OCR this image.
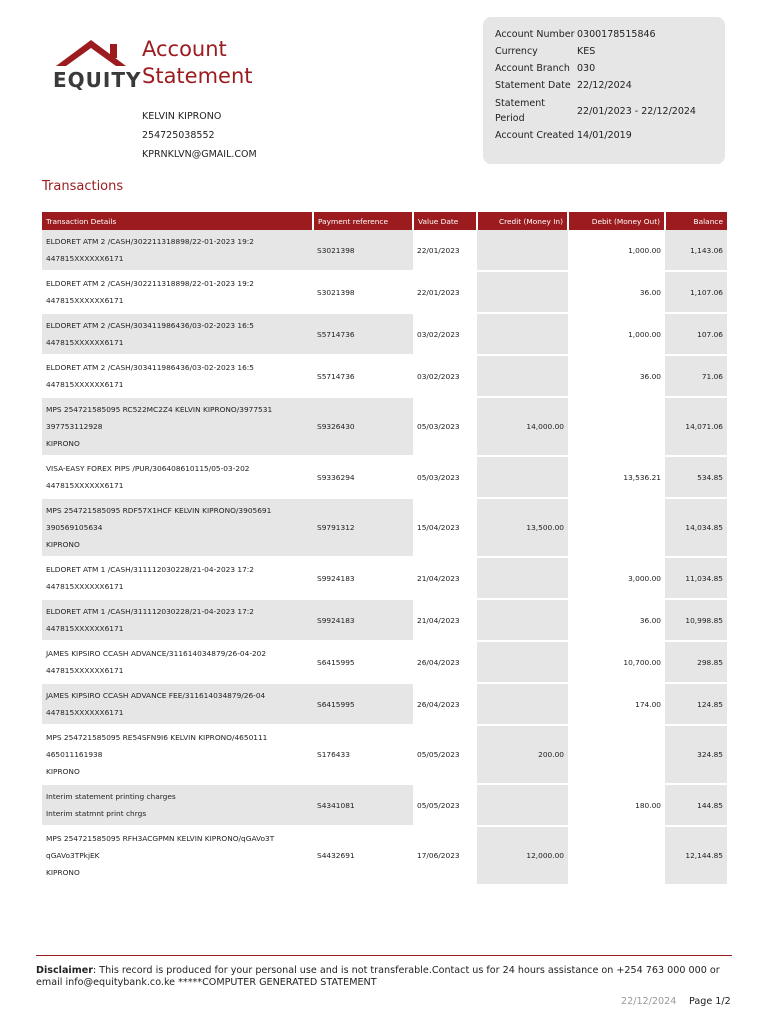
EQUITY
Account
Statement
KELVIN KIPRONO
254725038552
KPRNKLVN@GMAIL.COM
Account Number 0300178515846
Currency	KES
Account Branch 030
Statement Date 22/12/2024
Statement Period
22/01/2023 - 22/12/2024
Account Created 14/01/2019
Transactions
Transaction Details	Payment reference	Value Date	Credit (Money In)	Debit (Money Out)	Balance

ELDORET ATM 2 /CASH/302211318898/22-01-2023 19:2
447815XXXXXX6171	S3021398	22/01/2023		1,000.00	1,143.06

ELDORET ATM 2 /CASH/302211318898/22-01-2023 19:2
447815XXXXXX6171	S3021398	22/01/2023		36.00	1,107.06

ELDORET ATM 2 /CASH/303411986436/03-02-2023 16:5
447815XXXXXX6171	S5714736	03/02/2023		1,000.00	107.06

ELDORET ATM 2 /CASH/303411986436/03-02-2023 16:5
447815XXXXXX6171	S5714736	03/02/2023		36.00	71.06

MPS 254721585095 RC522MC2Z4 KELVIN KIPRONO/3977531
397753112928
KIPRONO	S9326430	05/03/2023	14,000.00		14,071.06

VISA-EASY FOREX PIPS /PUR/306408610115/05-03-202
447815XXXXXX6171	S9336294	05/03/2023		13,536.21	534.85

MPS 254721585095 RDF57X1HCF KELVIN KIPRONO/3905691
390569105634
KIPRONO	S9791312	15/04/2023	13,500.00		14,034.85

ELDORET ATM 1 /CASH/311112030228/21-04-2023 17:2
447815XXXXXX6171	S9924183	21/04/2023		3,000.00	11,034.85

ELDORET ATM 1 /CASH/311112030228/21-04-2023 17:2
447815XXXXXX6171	S9924183	21/04/2023		36.00	10,998.85

JAMES KIPSIRO CCASH ADVANCE/311614034879/26-04-202
447815XXXXXX6171	S6415995	26/04/2023		10,700.00	298.85

JAMES KIPSIRO CCASH ADVANCE FEE/311614034879/26-04
447815XXXXXX6171	S6415995	26/04/2023		174.00	124.85

MPS 254721585095 RE54SFN9I6 KELVIN KIPRONO/4650111
465011161938
KIPRONO	S176433	05/05/2023	200.00		324.85

Interim statement printing charges
Interim statmnt print chrgs	S4341081	05/05/2023		180.00	144.85

MPS 254721585095 RFH3ACGPMN KELVIN KIPRONO/qGAVo3T
qGAVo3TPkjEK
KIPRONO	S4432691	17/06/2023	12,000.00		12,144.85
Disclaimer: This record is produced for your personal use and is not transferable.Contact us for 24 hours assistance on +254 763 000 000 or email info@equitybank.co.ke *****COMPUTER GENERATED STATEMENT
22/12/2024 Page 1/2
